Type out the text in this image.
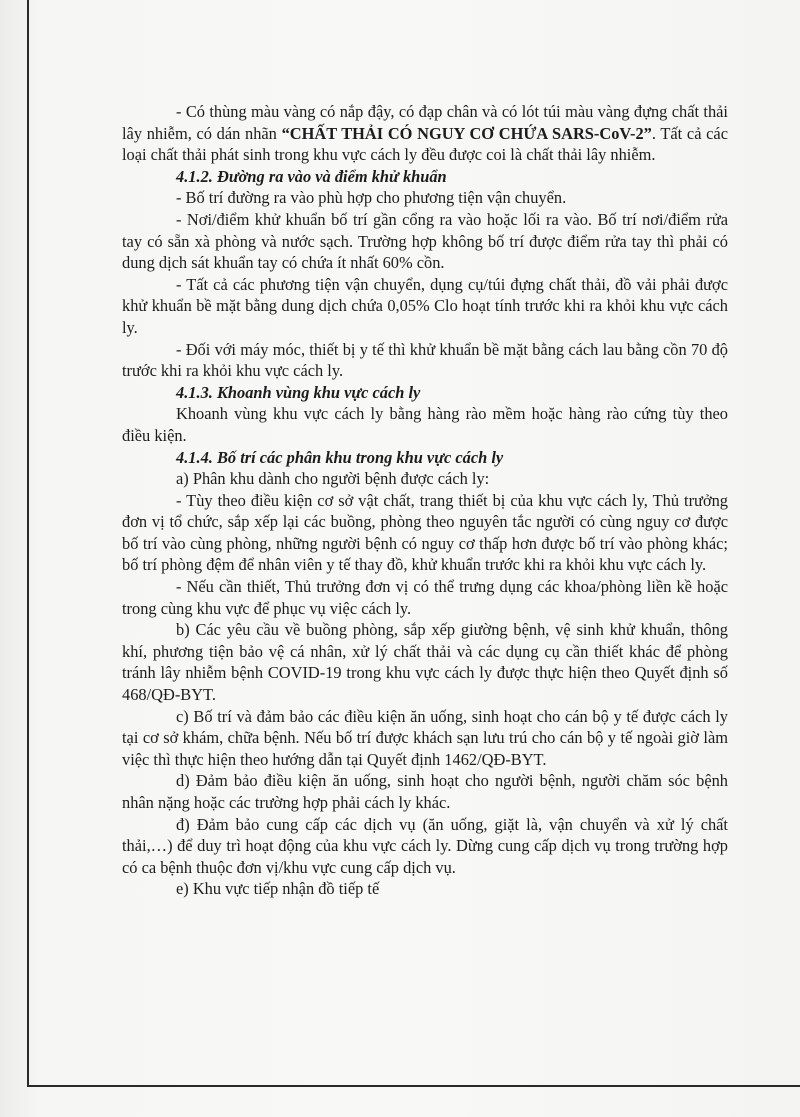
- Có thùng màu vàng có nắp đậy, có đạp chân và có lót túi màu vàng đựng chất thải lây nhiễm, có dán nhãn “CHẤT THẢI CÓ NGUY CƠ CHỨA SARS-CoV-2”. Tất cả các loại chất thải phát sinh trong khu vực cách ly đều được coi là chất thải lây nhiễm.

4.1.2. Đường ra vào và điểm khử khuẩn

- Bố trí đường ra vào phù hợp cho phương tiện vận chuyển.

- Nơi/điểm khử khuẩn bố trí gần cổng ra vào hoặc lối ra vào. Bố trí nơi/điểm rửa tay có sẵn xà phòng và nước sạch. Trường hợp không bố trí được điểm rửa tay thì phải có dung dịch sát khuẩn tay có chứa ít nhất 60% cồn.

- Tất cả các phương tiện vận chuyển, dụng cụ/túi đựng chất thải, đồ vải phải được khử khuẩn bề mặt bằng dung dịch chứa 0,05% Clo hoạt tính trước khi ra khỏi khu vực cách ly.

- Đối với máy móc, thiết bị y tế thì khử khuẩn bề mặt bằng cách lau bằng cồn 70 độ trước khi ra khỏi khu vực cách ly.

4.1.3. Khoanh vùng khu vực cách ly

Khoanh vùng khu vực cách ly bằng hàng rào mềm hoặc hàng rào cứng tùy theo điều kiện.

4.1.4. Bố trí các phân khu trong khu vực cách ly

a) Phân khu dành cho người bệnh được cách ly:

- Tùy theo điều kiện cơ sở vật chất, trang thiết bị của khu vực cách ly, Thủ trưởng đơn vị tổ chức, sắp xếp lại các buồng, phòng theo nguyên tắc người có cùng nguy cơ được bố trí vào cùng phòng, những người bệnh có nguy cơ thấp hơn được bố trí vào phòng khác; bố trí phòng đệm để nhân viên y tế thay đồ, khử khuẩn trước khi ra khỏi khu vực cách ly.

- Nếu cần thiết, Thủ trưởng đơn vị có thể trưng dụng các khoa/phòng liền kề hoặc trong cùng khu vực để phục vụ việc cách ly.

b) Các yêu cầu về buồng phòng, sắp xếp giường bệnh, vệ sinh khử khuẩn, thông khí, phương tiện bảo vệ cá nhân, xử lý chất thải và các dụng cụ cần thiết khác để phòng tránh lây nhiễm bệnh COVID-19 trong khu vực cách ly được thực hiện theo Quyết định số 468/QĐ-BYT.

c) Bố trí và đảm bảo các điều kiện ăn uống, sinh hoạt cho cán bộ y tế được cách ly tại cơ sở khám, chữa bệnh. Nếu bố trí được khách sạn lưu trú cho cán bộ y tế ngoài giờ làm việc thì thực hiện theo hướng dẫn tại Quyết định 1462/QĐ-BYT.

d) Đảm bảo điều kiện ăn uống, sinh hoạt cho người bệnh, người chăm sóc bệnh nhân nặng hoặc các trường hợp phải cách ly khác.

đ) Đảm bảo cung cấp các dịch vụ (ăn uống, giặt là, vận chuyển và xử lý chất thải,…) để duy trì hoạt động của khu vực cách ly. Dừng cung cấp dịch vụ trong trường hợp có ca bệnh thuộc đơn vị/khu vực cung cấp dịch vụ.

e) Khu vực tiếp nhận đồ tiếp tế
